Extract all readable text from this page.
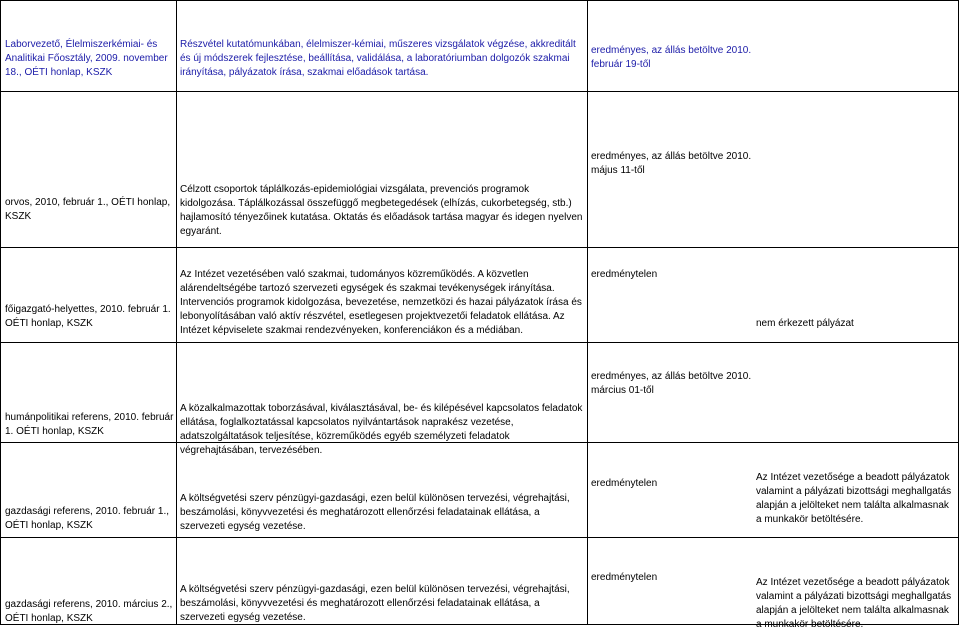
Laborvezető, Élelmiszerkémiai- és Analitikai Főosztály, 2009. november 18., OÉTI honlap, KSZK
Részvétel kutatómunkában, élelmiszer-kémiai, műszeres vizsgálatok végzése, akkreditált és új módszerek fejlesztése, beállítása, validálása, a laboratóriumban dolgozók szakmai irányítása, pályázatok írása, szakmai előadások tartása.
eredményes, az állás betöltve 2010. február 19-től
orvos, 2010, február 1., OÉTI honlap, KSZK
Célzott csoportok táplálkozás-epidemiológiai vizsgálata, prevenciós programok kidolgozása. Táplálkozással összefüggő megbetegedések (elhízás, cukorbetegség, stb.) hajlamosító tényezőinek kutatása. Oktatás és előadások tartása magyar és idegen nyelven egyaránt.
eredményes, az állás betöltve 2010. május 11-től
főigazgató-helyettes, 2010. február 1. OÉTI honlap, KSZK
Az Intézet vezetésében való szakmai, tudományos közreműködés. A közvetlen alárendeltségébe tartozó szervezeti egységek és szakmai tevékenységek irányítása. Intervenciós programok kidolgozása, bevezetése, nemzetközi és hazai pályázatok írása és lebonyolításában való aktív részvétel, esetlegesen projektvezetői feladatok ellátása. Az Intézet képviselete szakmai rendezvényeken, konferenciákon és a médiában.
eredménytelen
nem érkezett pályázat
humánpolitikai referens, 2010. február 1. OÉTI honlap, KSZK
A közalkalmazottak toborzásával, kiválasztásával, be- és kilépésével kapcsolatos feladatok ellátása, foglalkoztatással kapcsolatos nyilvántartások naprakész vezetése, adatszolgáltatások teljesítése, közreműködés egyéb személyzeti feladatok végrehajtásában, tervezésében.
eredményes, az állás betöltve 2010. március 01-től
gazdasági referens, 2010. február 1., OÉTI honlap, KSZK
A költségvetési szerv pénzügyi-gazdasági, ezen belül különösen tervezési, végrehajtási, beszámolási, könyvvezetési és meghatározott ellenőrzési feladatainak ellátása, a szervezeti egység vezetése.
eredménytelen
Az Intézet vezetősége a beadott pályázatok valamint a pályázati bizottsági meghallgatás alapján a jelölteket nem találta alkalmasnak a munkakör betöltésére.
gazdasági referens, 2010. március 2., OÉTI honlap, KSZK
A költségvetési szerv pénzügyi-gazdasági, ezen belül különösen tervezési, végrehajtási, beszámolási, könyvvezetési és meghatározott ellenőrzési feladatainak ellátása, a szervezeti egység vezetése.
eredménytelen	Az Intézet vezetősége a beadott pályázatok valamint a pályázati bizottsági meghallgatás alapján a jelölteket nem találta alkalmasnak a munkakör betöltésére.
